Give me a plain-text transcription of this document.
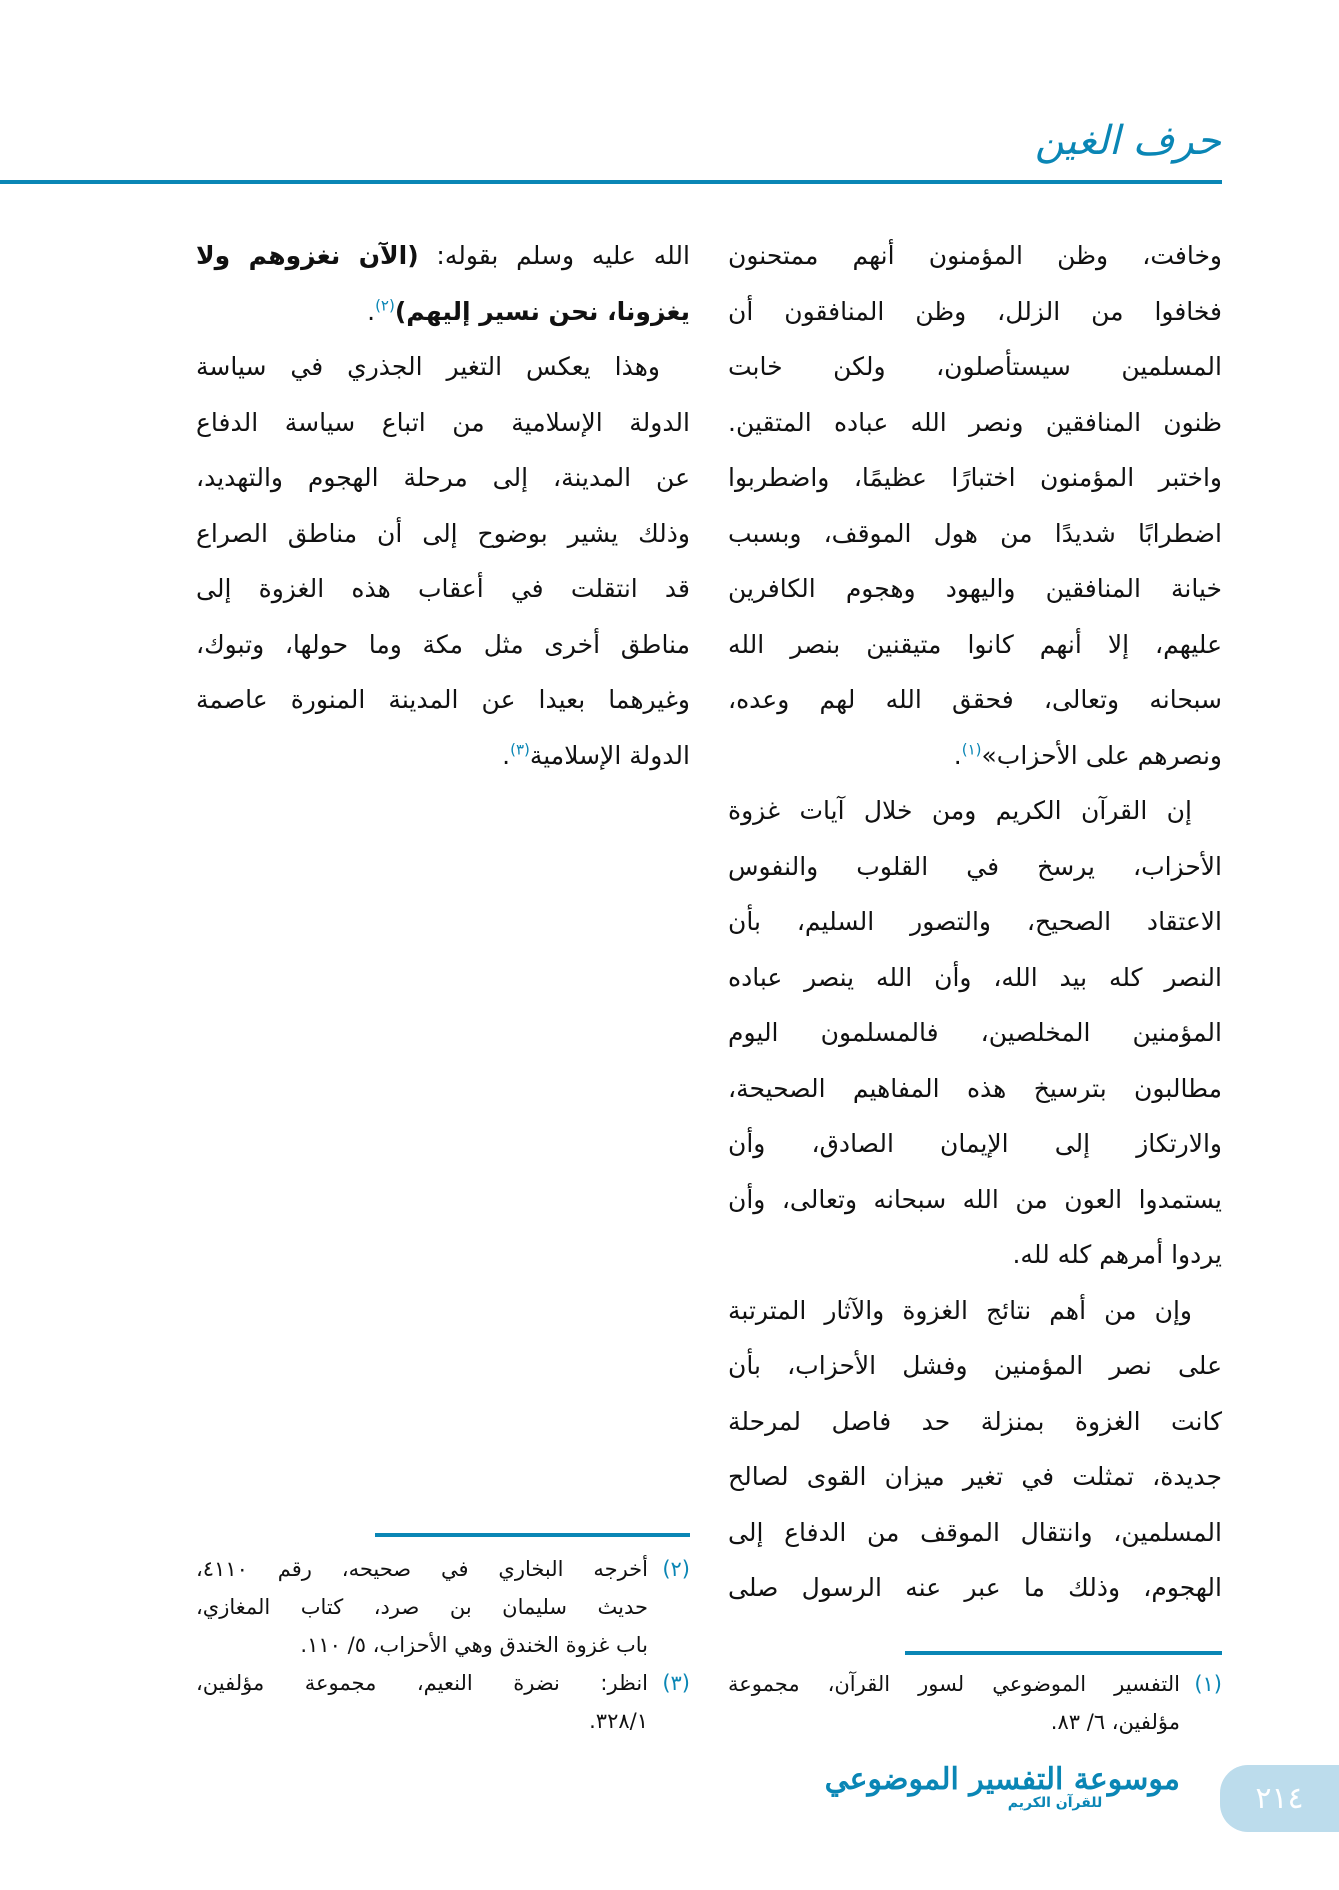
حرف الغين
وخافت، وظن المؤمنون أنهم ممتحنون
فخافوا من الزلل، وظن المنافقون أن
المسلمين سيستأصلون، ولكن خابت
ظنون المنافقين ونصر الله عباده المتقين.
واختبر المؤمنون اختبارًا عظيمًا، واضطربوا
اضطرابًا شديدًا من هول الموقف، وبسبب
خيانة المنافقين واليهود وهجوم الكافرين
عليهم، إلا أنهم كانوا متيقنين بنصر الله
سبحانه وتعالى، فحقق الله لهم وعده،
ونصرهم على الأحزاب»$^{(١)}$.
إن القرآن الكريم ومن خلال آيات غزوة
الأحزاب، يرسخ في القلوب والنفوس
الاعتقاد الصحيح، والتصور السليم، بأن
النصر كله بيد الله، وأن الله ينصر عباده
المؤمنين المخلصين، فالمسلمون اليوم
مطالبون بترسيخ هذه المفاهيم الصحيحة،
والارتكاز إلى الإيمان الصادق، وأن
يستمدوا العون من الله سبحانه وتعالى، وأن
يردوا أمرهم كله لله.
وإن من أهم نتائج الغزوة والآثار المترتبة
على نصر المؤمنين وفشل الأحزاب، بأن
كانت الغزوة بمنزلة حد فاصل لمرحلة
جديدة، تمثلت في تغير ميزان القوى لصالح
المسلمين، وانتقال الموقف من الدفاع إلى
الهجوم، وذلك ما عبر عنه الرسول صلى
الله عليه وسلم بقوله: (الآن نغزوهم ولا
يغزونا، نحن نسير إليهم)$^{(٢)}$.
وهذا يعكس التغير الجذري في سياسة
الدولة الإسلامية من اتباع سياسة الدفاع
عن المدينة، إلى مرحلة الهجوم والتهديد،
وذلك يشير بوضوح إلى أن مناطق الصراع
قد انتقلت في أعقاب هذه الغزوة إلى
مناطق أخرى مثل مكة وما حولها، وتبوك،
وغيرهما بعيدا عن المدينة المنورة عاصمة
الدولة الإسلامية$^{(٣)}$.
(٢)
أخرجه البخاري في صحيحه، رقم ٤١١٠،
حديث سليمان بن صرد، كتاب المغازي،
باب غزوة الخندق وهي الأحزاب، ٥/ ١١٠.
(٣)
انظر: نضرة النعيم، مجموعة مؤلفين،
٣٢٨/١.
(١)
التفسير الموضوعي لسور القرآن، مجموعة
مؤلفين، ٦/ ٨٣.
موسوعة التفسير الموضوعي
للقرآن الكريم	٢١٤
